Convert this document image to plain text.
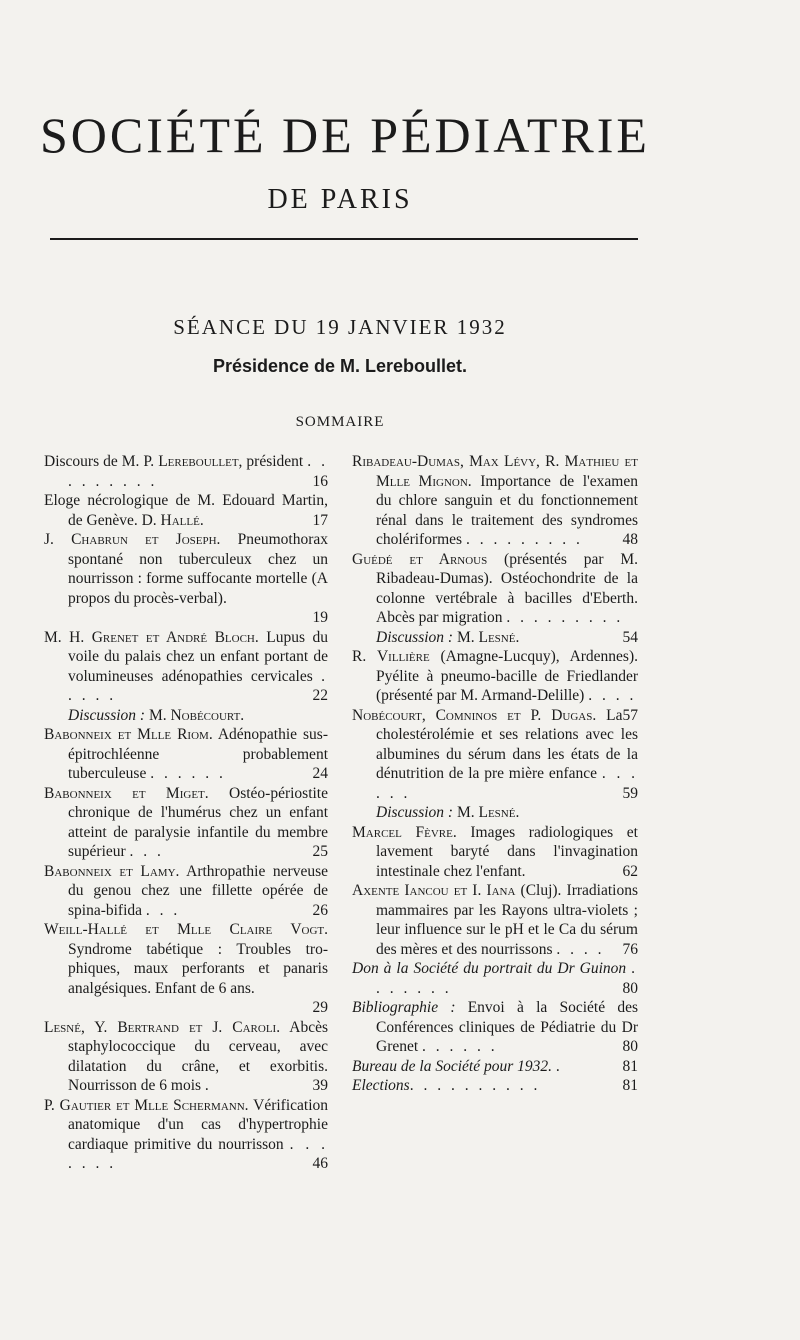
SOCIÉTÉ DE PÉDIATRIE
DE PARIS
SÉANCE DU 19 JANVIER 1932
Présidence de M. Lereboullet.
SOMMAIRE

Discours de M. P. Lereboullet, président . . . . . . . . .	16

Eloge nécrologique de M. Edouard Martin, de Genève. D. Hallé.	17

J. Chabrun et Joseph. Pneumothorax spontané non tuberculeux chez un nourrisson : forme suffocante mortelle (A propos du procès-verbal).
19

M. H. Grenet et André Bloch. Lupus du voile du palais chez un enfant portant de volumineuses adénopathies cervicales . . . . .	22

Discussion : M. Nobécourt.

Babonneix et Mlle Riom. Adénopathie sus-épitrochléenne probablement tuberculeuse . . . . . .	24

Babonneix et Miget. Ostéo-périostite chronique de l'humérus chez un enfant atteint de paralysie infantile du membre supérieur . . .	25

Babonneix et Lamy. Arthropathie nerveuse du genou chez une fillette opérée de spina-bifida . . .	26

Weill-Hallé et Mlle Claire Vogt. Syndrome tabétique : Troubles trophiques, maux perforants et panaris analgésiques. Enfant de 6 ans.
29

Lesné, Y. Bertrand et J. Caroli. Abcès staphylococcique du cerveau, avec dilatation du crâne, et exorbitis. Nourrisson de 6 mois .	39

P. Gautier et Mlle Schermann. Vérification anatomique d'un cas d'hypertrophie cardiaque primitive du nourrisson . . . . . . .	46

Ribadeau-Dumas, Max Lévy, R. Mathieu et Mlle Mignon. Importance de l'examen du chlore sanguin et du fonctionnement rénal dans le traitement des syndromes cholériformes . . . . . . . . .	48

Guédé et Arnous (présentés par M. Ribadeau-Dumas). Ostéochondrite de la colonne vertébrale à bacilles d'Eberth. Abcès par migration . . . . . . . . .
54

Discussion : M. Lesné.

R. Villière (Amagne-Lucquy), Ardennes). Pyélite à pneumo-bacille de Friedlander (présenté par M. Armand-Delille) . . . .
57

Nobécourt, Comninos et P. Dugas. La cholestérolémie et ses relations avec les albumines du sérum dans les états de la dénutrition de la pre mière enfance . . . . . .	59

Discussion : M. Lesné.

Marcel Fèvre. Images radiologiques et lavement baryté dans l'invagination intestinale chez l'enfant.	62

Axente Iancou et I. Iana (Cluj). Irradiations mammaires par les Rayons ultra-violets ; leur influence sur le pH et le Ca du sérum des mères et des nourrissons . . . . 76

Don à la Société du portrait du Dr Guinon . . . . . . .	80

Bibliographie : Envoi à la Société des Conférences cliniques de Pédiatrie du Dr Grenet . . . . . .	80

Bureau de la Société pour 1932. .	81

Elections. . . . . . . . . .	81
